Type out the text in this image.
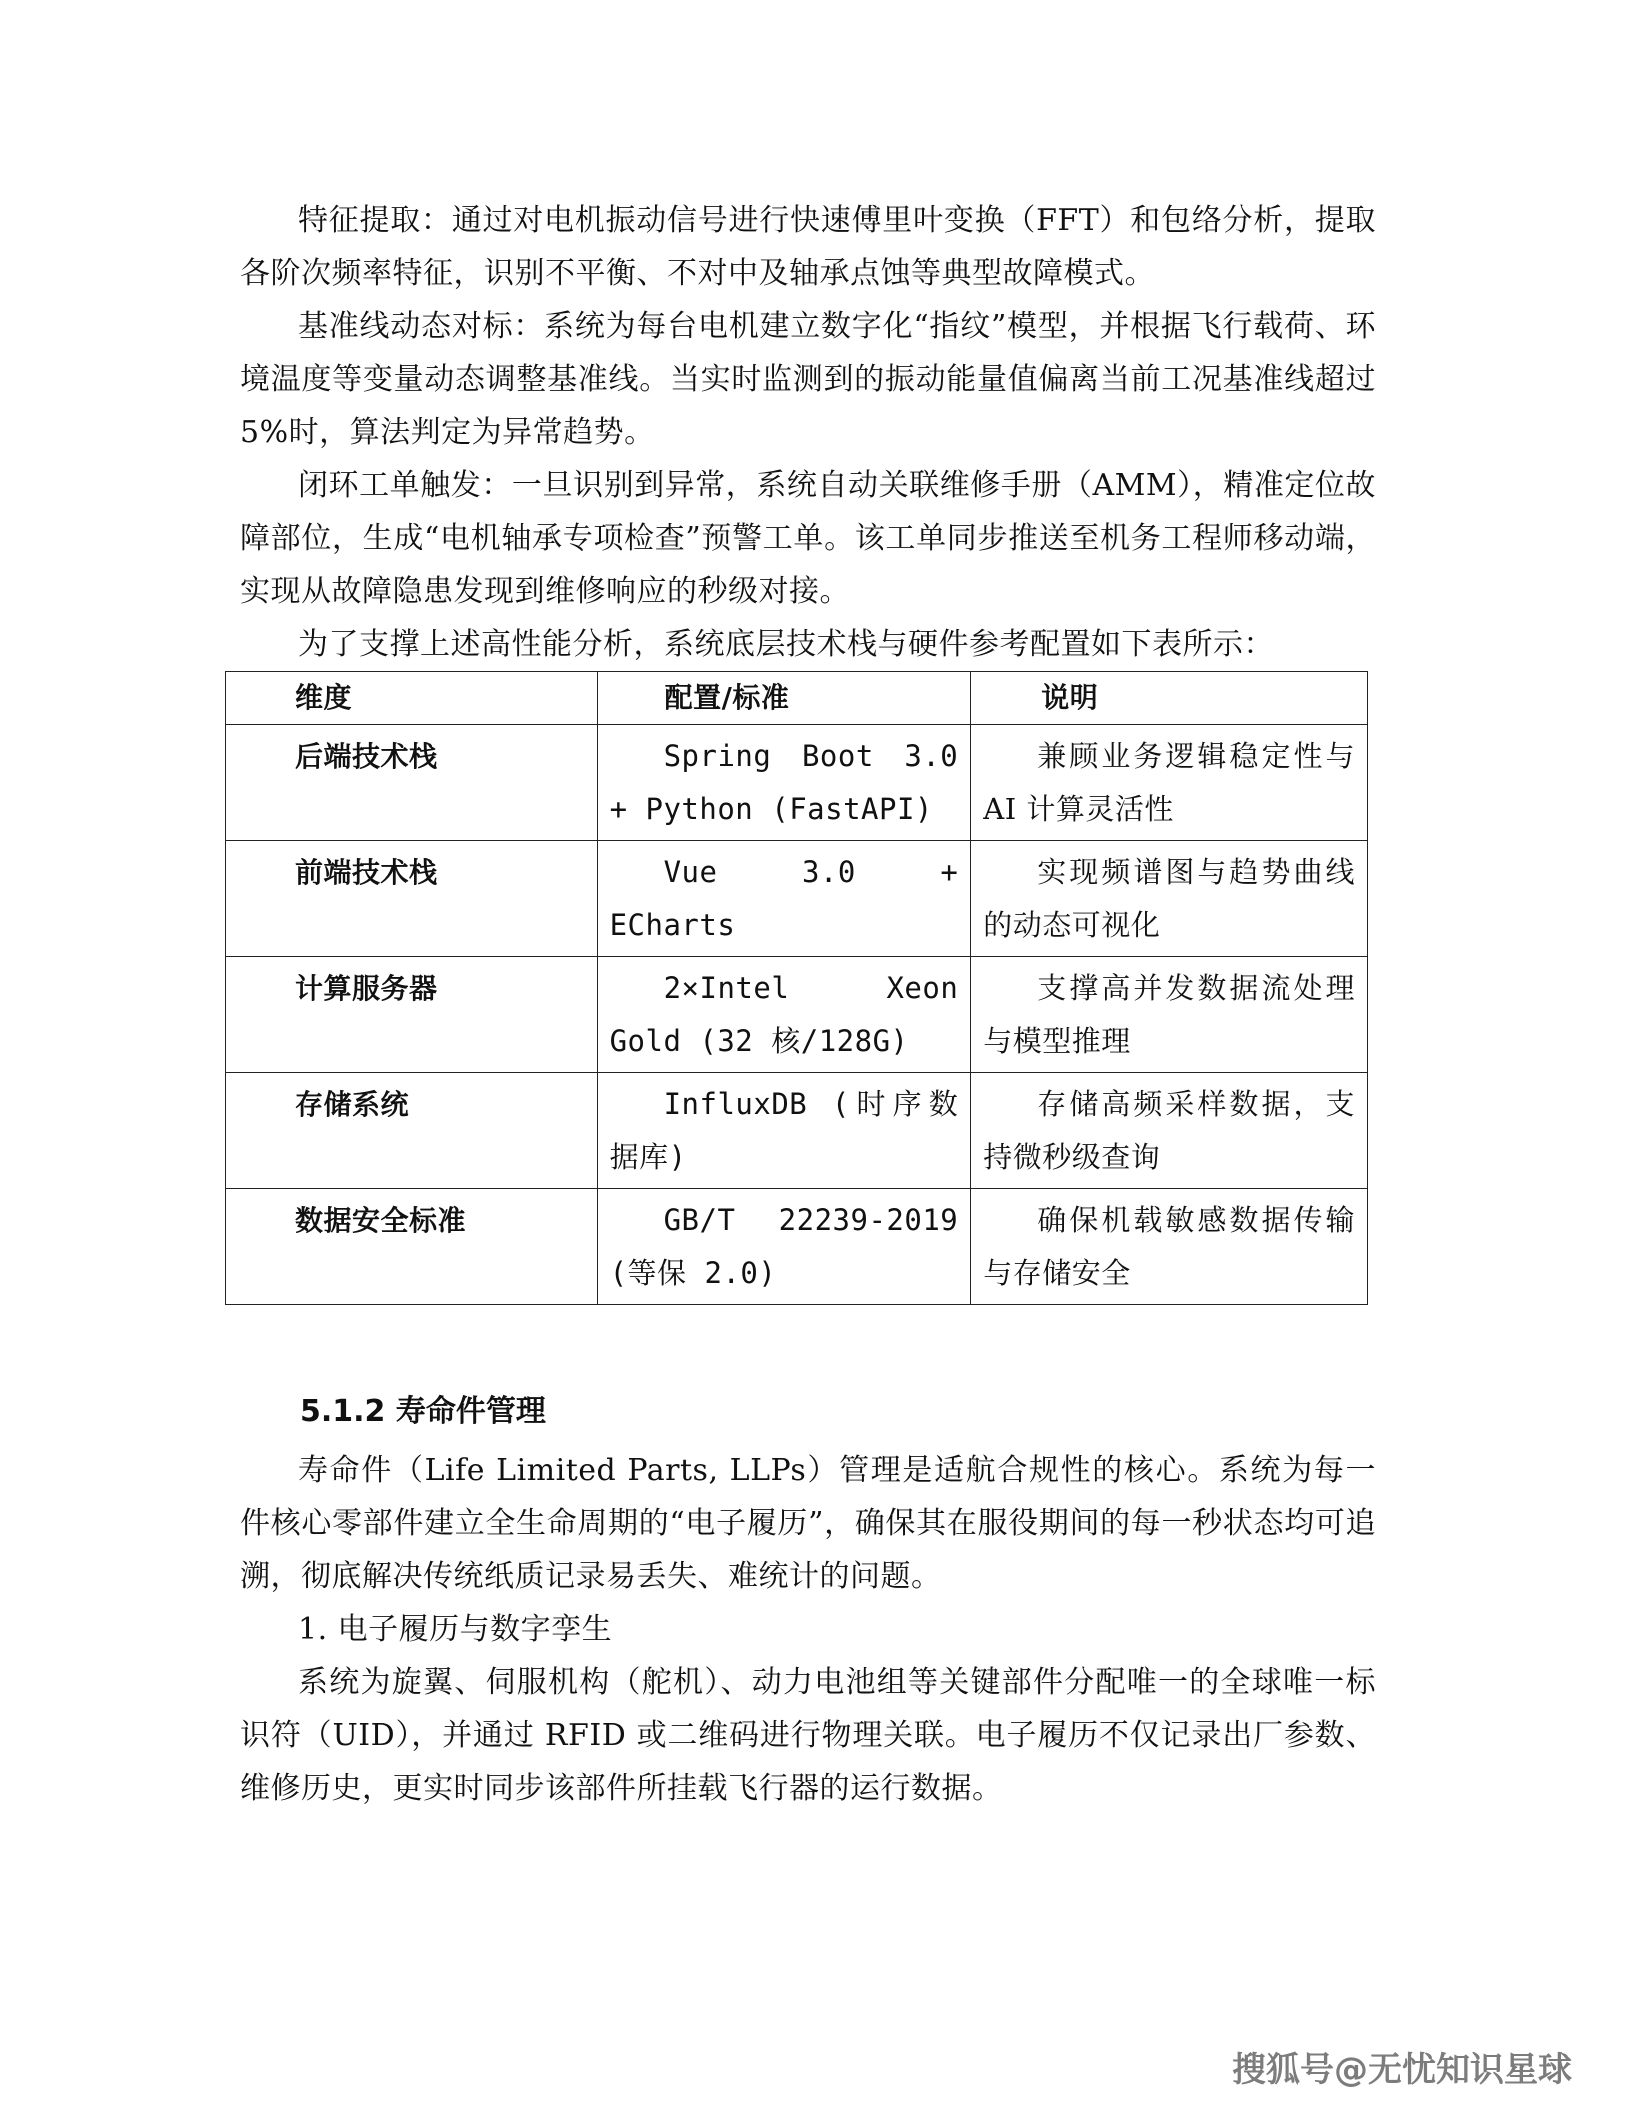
特征提取：通过对电机振动信号进行快速傅里叶变换（FFT）和包络分析，提取各阶次频率特征，识别不平衡、不对中及轴承点蚀等典型故障模式。

基准线动态对标：系统为每台电机建立数字化“指纹”模型，并根据飞行载荷、环境温度等变量动态调整基准线。当实时监测到的振动能量值偏离当前工况基准线超过 5%时，算法判定为异常趋势。

闭环工单触发：一旦识别到异常，系统自动关联维修手册（AMM），精准定位故障部位，生成“电机轴承专项检查”预警工单。该工单同步推送至机务工程师移动端，实现从故障隐患发现到维修响应的秒级对接。

为了支撑上述高性能分析，系统底层技术栈与硬件参考配置如下表所示：

维度	配置/标准	说明
后端技术栈	Spring Boot 3.0 + Python (FastAPI)	兼顾业务逻辑稳定性与 AI 计算灵活性
前端技术栈	Vue 3.0 + ECharts	实现频谱图与趋势曲线的动态可视化
计算服务器	2×Intel Xeon Gold (32 核/128G)	支撑高并发数据流处理与模型推理
存储系统	InfluxDB (时序数据库)	存储高频采样数据，支持微秒级查询
数据安全标准	GB/T 22239-2019 (等保 2.0)	确保机载敏感数据传输与存储安全
5.1.2 寿命件管理

寿命件（Life Limited Parts, LLPs）管理是适航合规性的核心。系统为每一件核心零部件建立全生命周期的“电子履历”，确保其在服役期间的每一秒状态均可追溯，彻底解决传统纸质记录易丢失、难统计的问题。

1. 电子履历与数字孪生

系统为旋翼、伺服机构（舵机）、动力电池组等关键部件分配唯一的全球唯一标识符（UID），并通过 RFID 或二维码进行物理关联。电子履历不仅记录出厂参数、维修历史，更实时同步该部件所挂载飞行器的运行数据。

搜狐号@无忧知识星球
